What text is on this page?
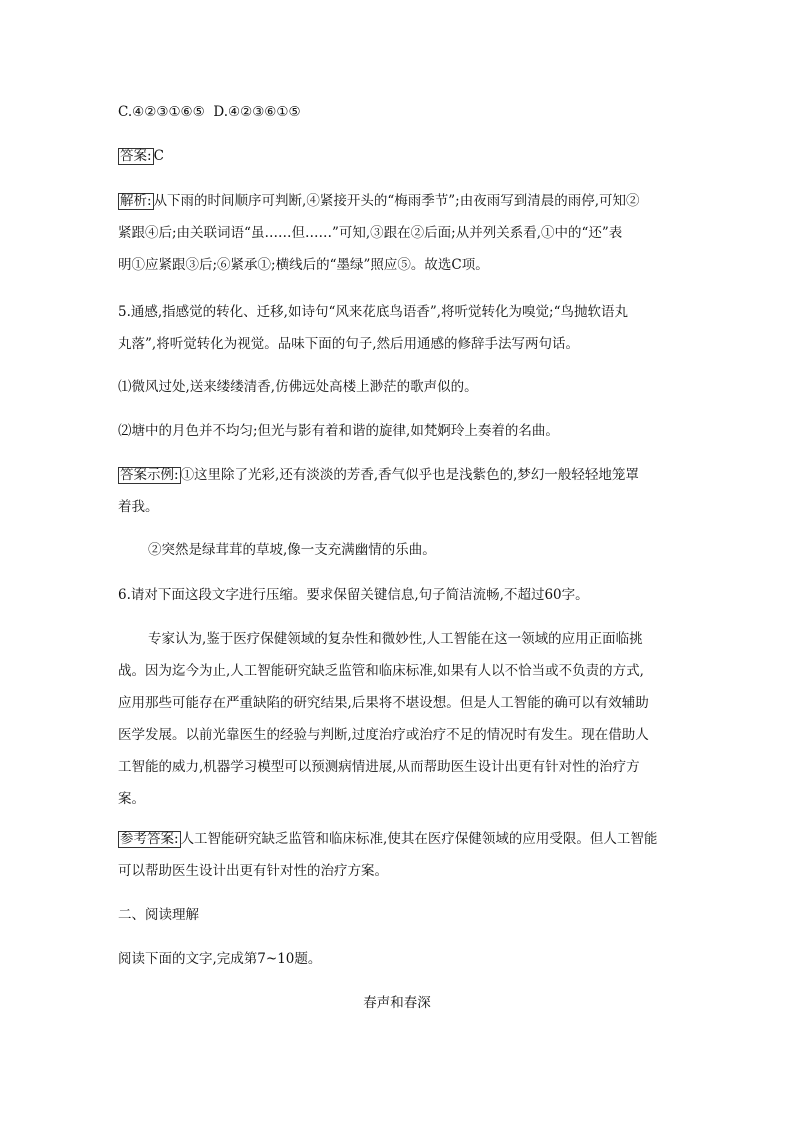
C.④②③①⑥⑤ D.④②③⑥①⑤

答案: C

解析: 从下雨的时间顺序可判断,④紧接开头的“梅雨季节”;由夜雨写到清晨的雨停,可知②

紧跟④后;由关联词语“虽……但……”可知,③跟在②后面;从并列关系看,①中的“还”表

明①应紧跟③后;⑥紧承①;横线后的“墨绿”照应⑤。故选C项。

5.通感,指感觉的转化、迁移,如诗句“风来花底鸟语香”,将听觉转化为嗅觉;“鸟抛软语丸

丸落”,将听觉转化为视觉。品味下面的句子,然后用通感的修辞手法写两句话。

⑴微风过处,送来缕缕清香,仿佛远处高楼上渺茫的歌声似的。

⑵塘中的月色并不均匀;但光与影有着和谐的旋律,如梵婀玲上奏着的名曲。

答案示例: ①这里除了光彩,还有淡淡的芳香,香气似乎也是浅紫色的,梦幻一般轻轻地笼罩

着我。

②突然是绿茸茸的草坡,像一支充满幽情的乐曲。

6.请对下面这段文字进行压缩。要求保留关键信息,句子简洁流畅,不超过60字。

专家认为,鉴于医疗保健领域的复杂性和微妙性,人工智能在这一领域的应用正面临挑

战。因为迄今为止,人工智能研究缺乏监管和临床标准,如果有人以不恰当或不负责的方式,

应用那些可能存在严重缺陷的研究结果,后果将不堪设想。但是人工智能的确可以有效辅助

医学发展。以前光靠医生的经验与判断,过度治疗或治疗不足的情况时有发生。现在借助人

工智能的威力,机器学习模型可以预测病情进展,从而帮助医生设计出更有针对性的治疗方

案。

参考答案: 人工智能研究缺乏监管和临床标准,使其在医疗保健领域的应用受限。但人工智能

可以帮助医生设计出更有针对性的治疗方案。

二、阅读理解

阅读下面的文字,完成第7~10题。

春声和春深
